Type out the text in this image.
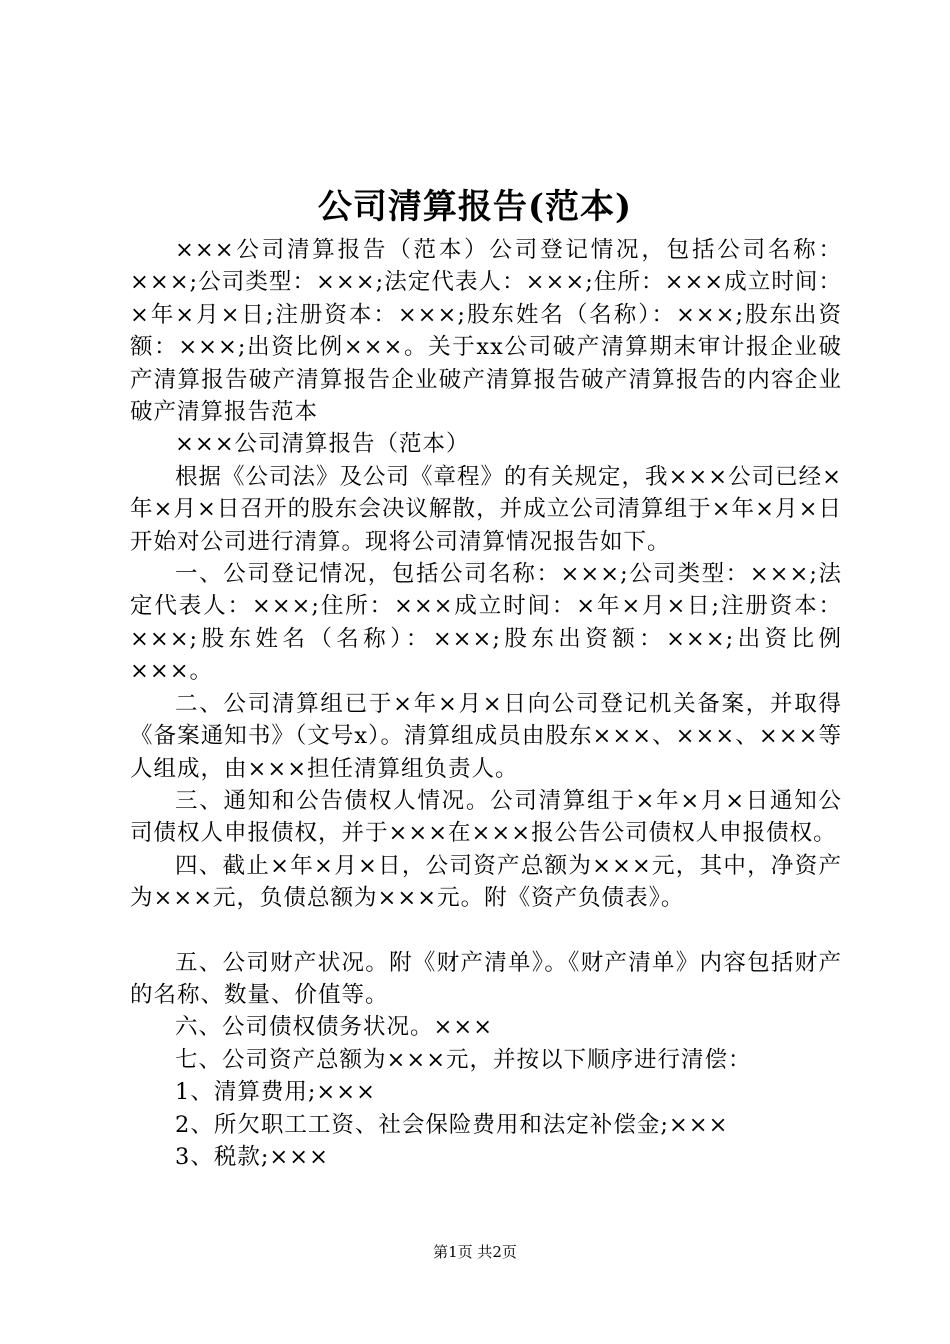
公司清算报告(范本)

×××公司清算报告（范本）公司登记情况，包括公司名称：×××;公司类型：×××;法定代表人：×××;住所：×××成立时间：×年×月×日;注册资本：×××;股东姓名（名称）：×××;股东出资额：×××;出资比例×××。关于xx公司破产清算期末审计报企业破产清算报告破产清算报告企业破产清算报告破产清算报告的内容企业破产清算报告范本

×××公司清算报告（范本）

根据《公司法》及公司《章程》的有关规定，我×××公司已经×年×月×日召开的股东会决议解散，并成立公司清算组于×年×月×日开始对公司进行清算。现将公司清算情况报告如下。

一、公司登记情况，包括公司名称：×××;公司类型：×××;法定代表人：×××;住所：×××成立时间：×年×月×日;注册资本：×××;股东姓名（名称）：×××;股东出资额：×××;出资比例×××。

二、公司清算组已于×年×月×日向公司登记机关备案，并取得《备案通知书》（文号x）。清算组成员由股东×××、×××、×××等人组成，由×××担任清算组负责人。

三、通知和公告债权人情况。公司清算组于×年×月×日通知公司债权人申报债权，并于×××在×××报公告公司债权人申报债权。

四、截止×年×月×日，公司资产总额为×××元，其中，净资产为×××元，负债总额为×××元。附《资产负债表》。

五、公司财产状况。附《财产清单》。《财产清单》内容包括财产的名称、数量、价值等。

六、公司债权债务状况。×××

七、公司资产总额为×××元，并按以下顺序进行清偿：

1、清算费用;×××

2、所欠职工工资、社会保险费用和法定补偿金;×××

3、税款;×××

第1页 共2页
